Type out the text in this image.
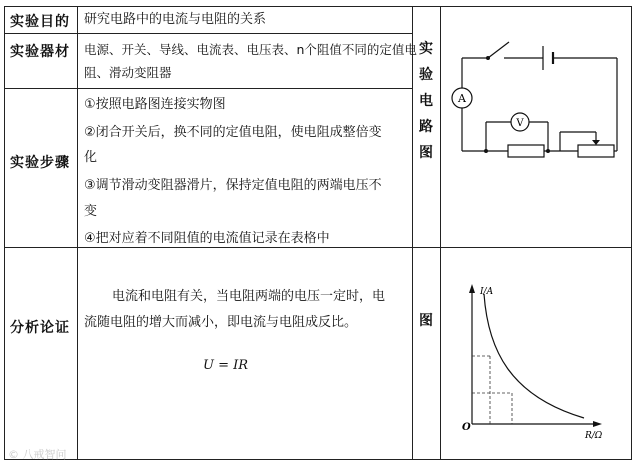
实验目的 研究电路中的电流与电阻的关系
实验器材 电源、开关、导线、电流表、电压表、n个阻值不同的定值电
阻、滑动变阻器
实验步骤
①按照电路图连接实物图
②闭合开关后，换不同的定值电阻，使电阻成整倍变
化
③调节滑动变阻器滑片，保持定值电阻的两端电压不
变
④把对应着不同阻值的电流值记录在表格中
实
验
电
路
图
A
V
分析论证
电流和电阻有关，当电阻两端的电压一定时，电
流随电阻的增大而减小，即电流与电阻成反比。
U = IR
图
I/A
R/Ω
O
© 八戒智问
